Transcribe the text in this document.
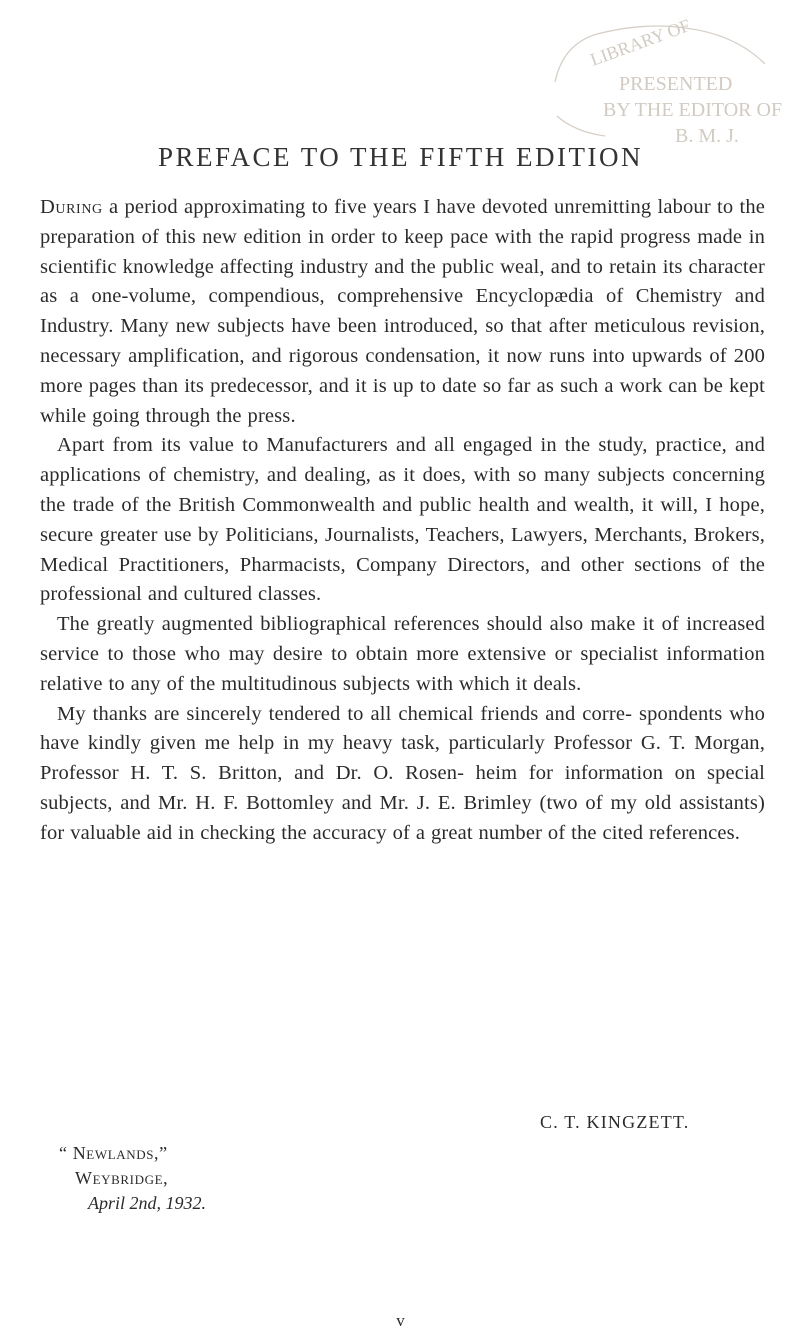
LIBRARY OF
PRESENTED
BY THE EDITOR OF
B. M. J.
PREFACE TO THE FIFTH EDITION

During a period approximating to five years I have devoted unremitting labour to the preparation of this new edition in order to keep pace with the rapid progress made in scientific knowledge affecting industry and the public weal, and to retain its character as a one-volume, compendious, comprehensive Encyclopædia of Chemistry and Industry. Many new subjects have been introduced, so that after meticulous revision, necessary amplification, and rigorous condensation, it now runs into upwards of 200 more pages than its predecessor, and it is up to date so far as such a work can be kept while going through the press.

Apart from its value to Manufacturers and all engaged in the study, practice, and applications of chemistry, and dealing, as it does, with so many subjects concerning the trade of the British Commonwealth and public health and wealth, it will, I hope, secure greater use by Politicians, Journalists, Teachers, Lawyers, Merchants, Brokers, Medical Practitioners, Pharmacists, Company Directors, and other sections of the professional and cultured classes.

The greatly augmented bibliographical references should also make it of increased service to those who may desire to obtain more extensive or specialist information relative to any of the multitudinous subjects with which it deals.

My thanks are sincerely tendered to all chemical friends and corre- spondents who have kindly given me help in my heavy task, particularly Professor G. T. Morgan, Professor H. T. S. Britton, and Dr. O. Rosen- heim for information on special subjects, and Mr. H. F. Bottomley and Mr. J. E. Brimley (two of my old assistants) for valuable aid in checking the accuracy of a great number of the cited references.

C. T. KINGZETT.
“ Newlands,”
Weybridge,
April 2nd, 1932.
v
